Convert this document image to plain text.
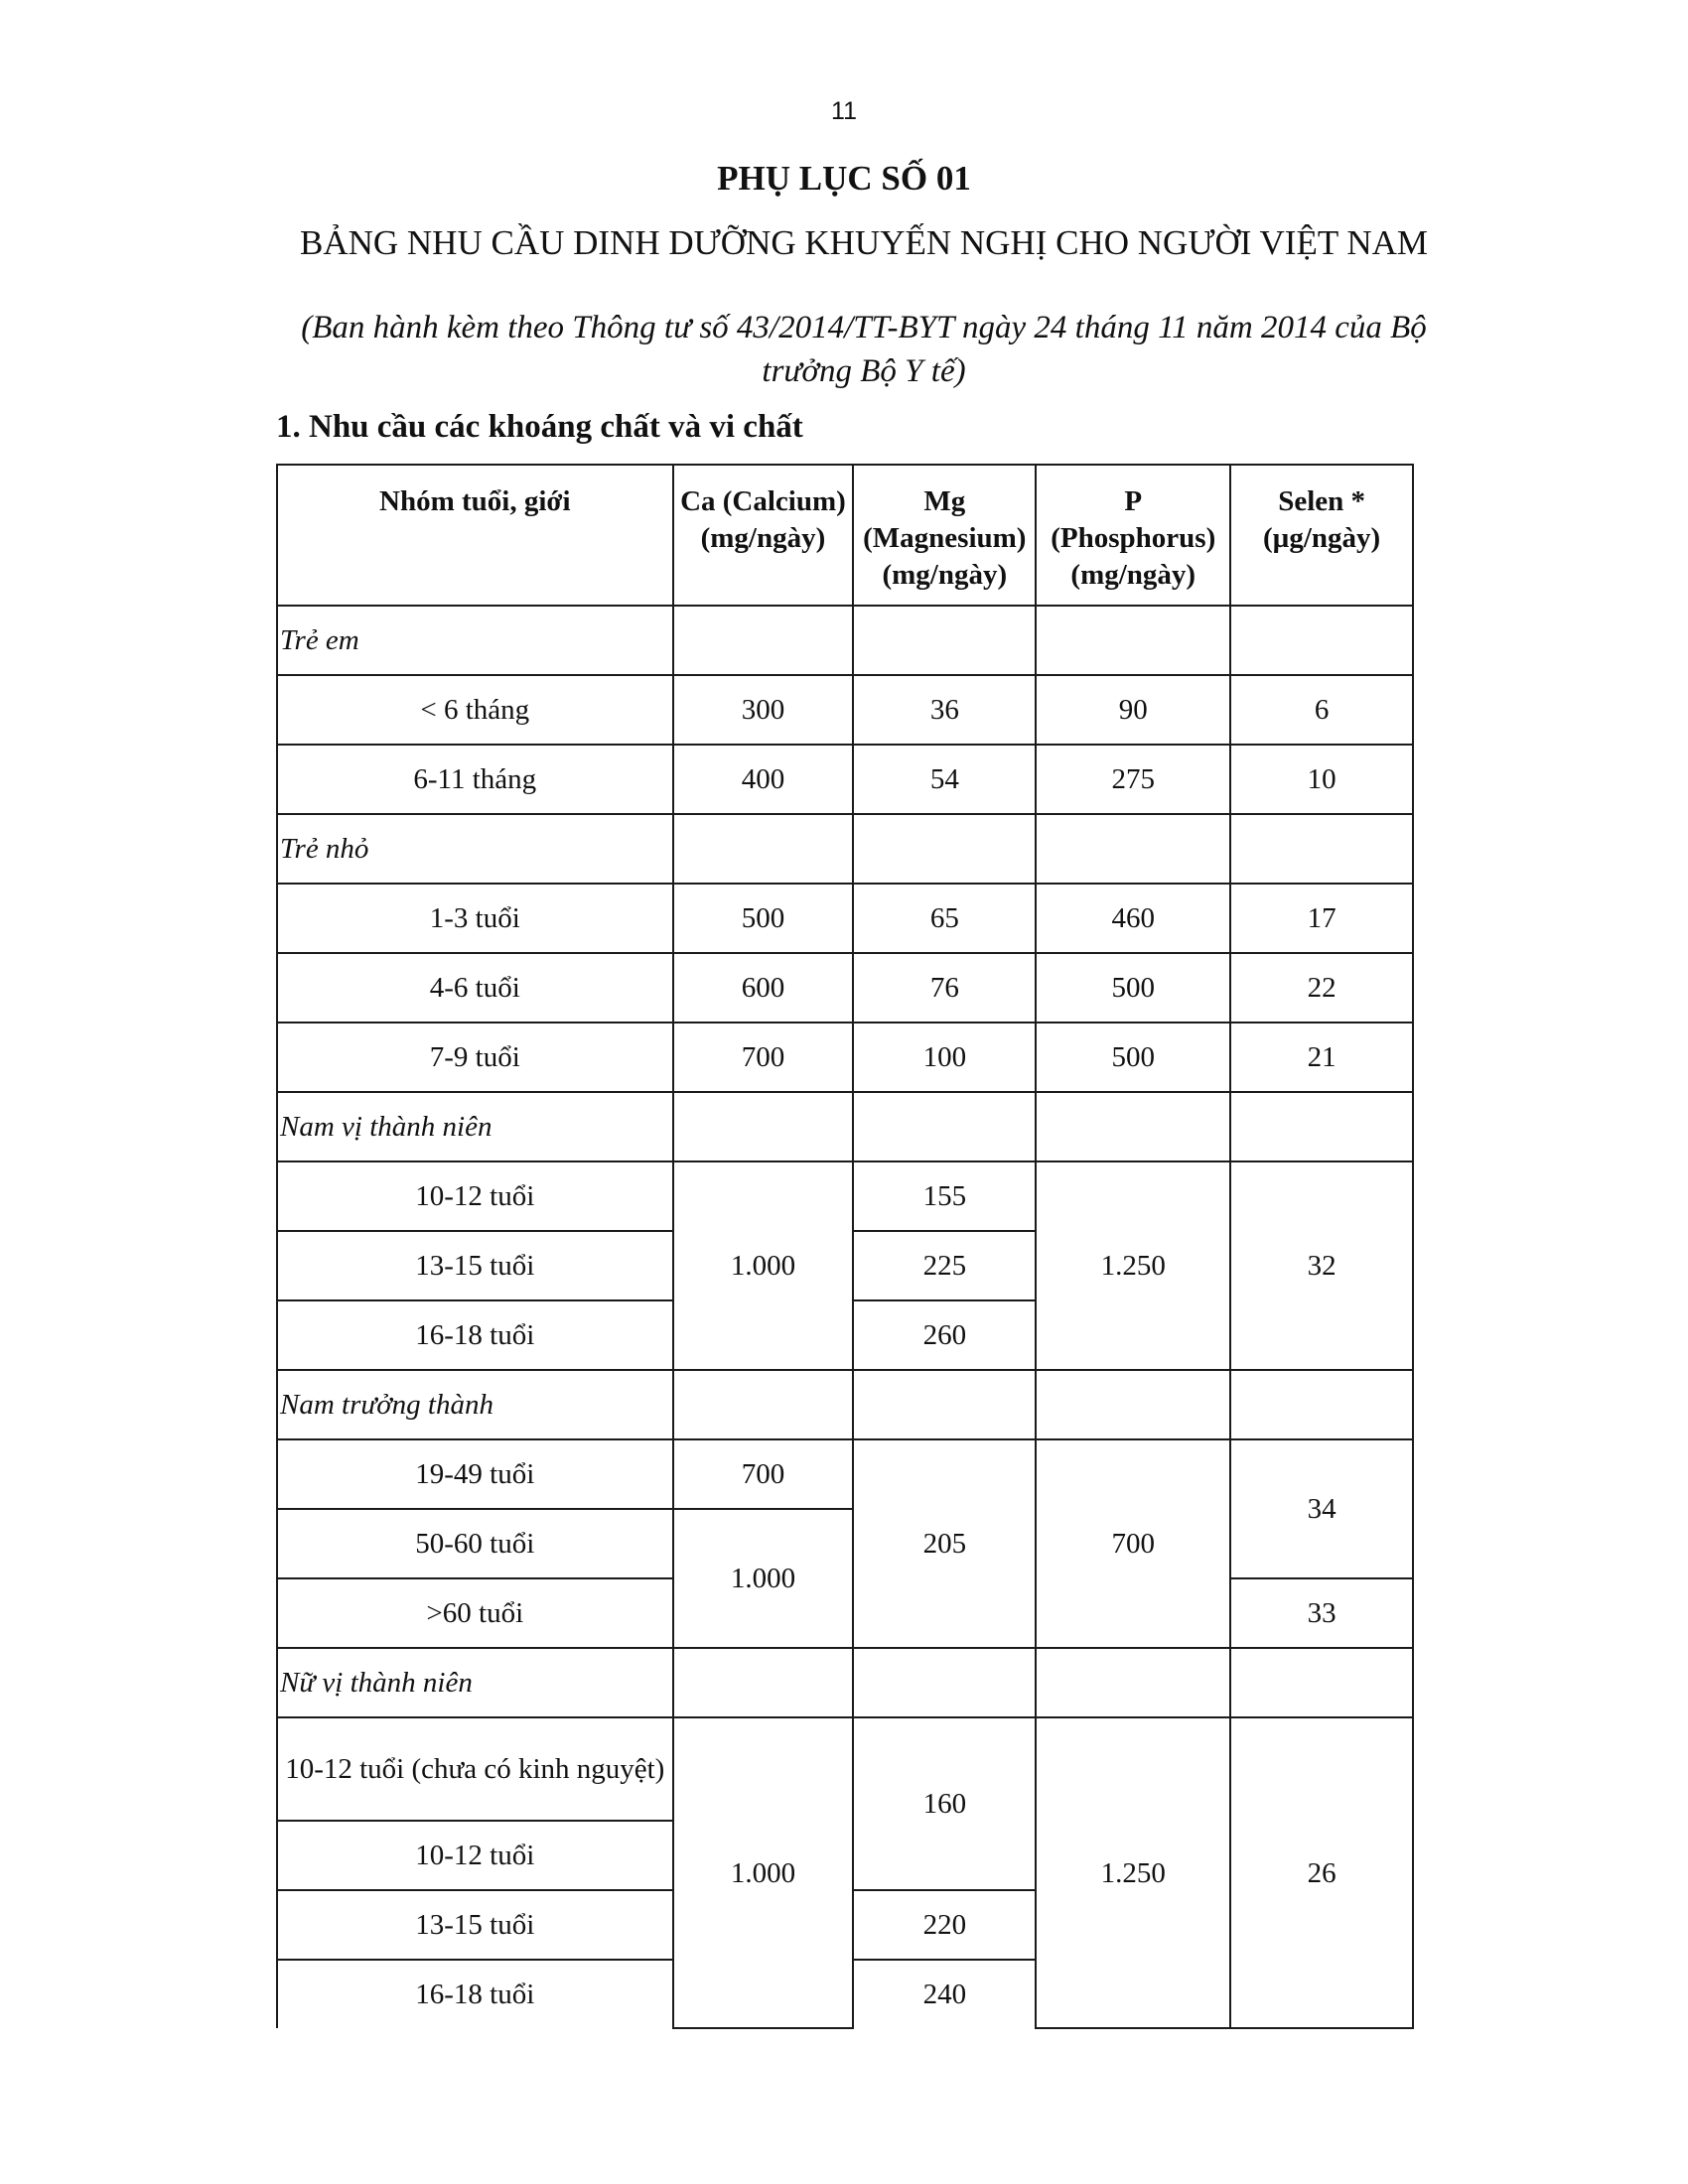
11
PHỤ LỤC SỐ 01
BẢNG NHU CẦU DINH DƯỠNG KHUYẾN NGHỊ CHO NGƯỜI VIỆT NAM
(Ban hành kèm theo Thông tư số 43/2014/TT-BYT ngày 24 tháng 11 năm 2014 của Bộ trưởng Bộ Y tế)
1. Nhu cầu các khoáng chất và vi chất
Nhóm tuổi, giới	Ca (Calcium) (mg/ngày)	Mg (Magnesium) (mg/ngày)	P (Phosphorus) (mg/ngày)	Selen * (µg/ngày)
Trẻ em				
< 6 tháng	300	36	90	6
6-11 tháng	400	54	275	10
Trẻ nhỏ				
1-3 tuổi	500	65	460	17
4-6 tuổi	600	76	500	22
7-9 tuổi	700	100	500	21
Nam vị thành niên				
10-12 tuổi	1.000	155	1.250	32
13-15 tuổi		225		
16-18 tuổi		260		
Nam trưởng thành				
19-49 tuổi	700	205	700	34
50-60 tuổi	1.000			
>60 tuổi				33
Nữ vị thành niên				
10-12 tuổi (chưa có kinh nguyệt)	1.000	160	1.250	26
10-12 tuổi				
13-15 tuổi		220		
16-18 tuổi		240		
